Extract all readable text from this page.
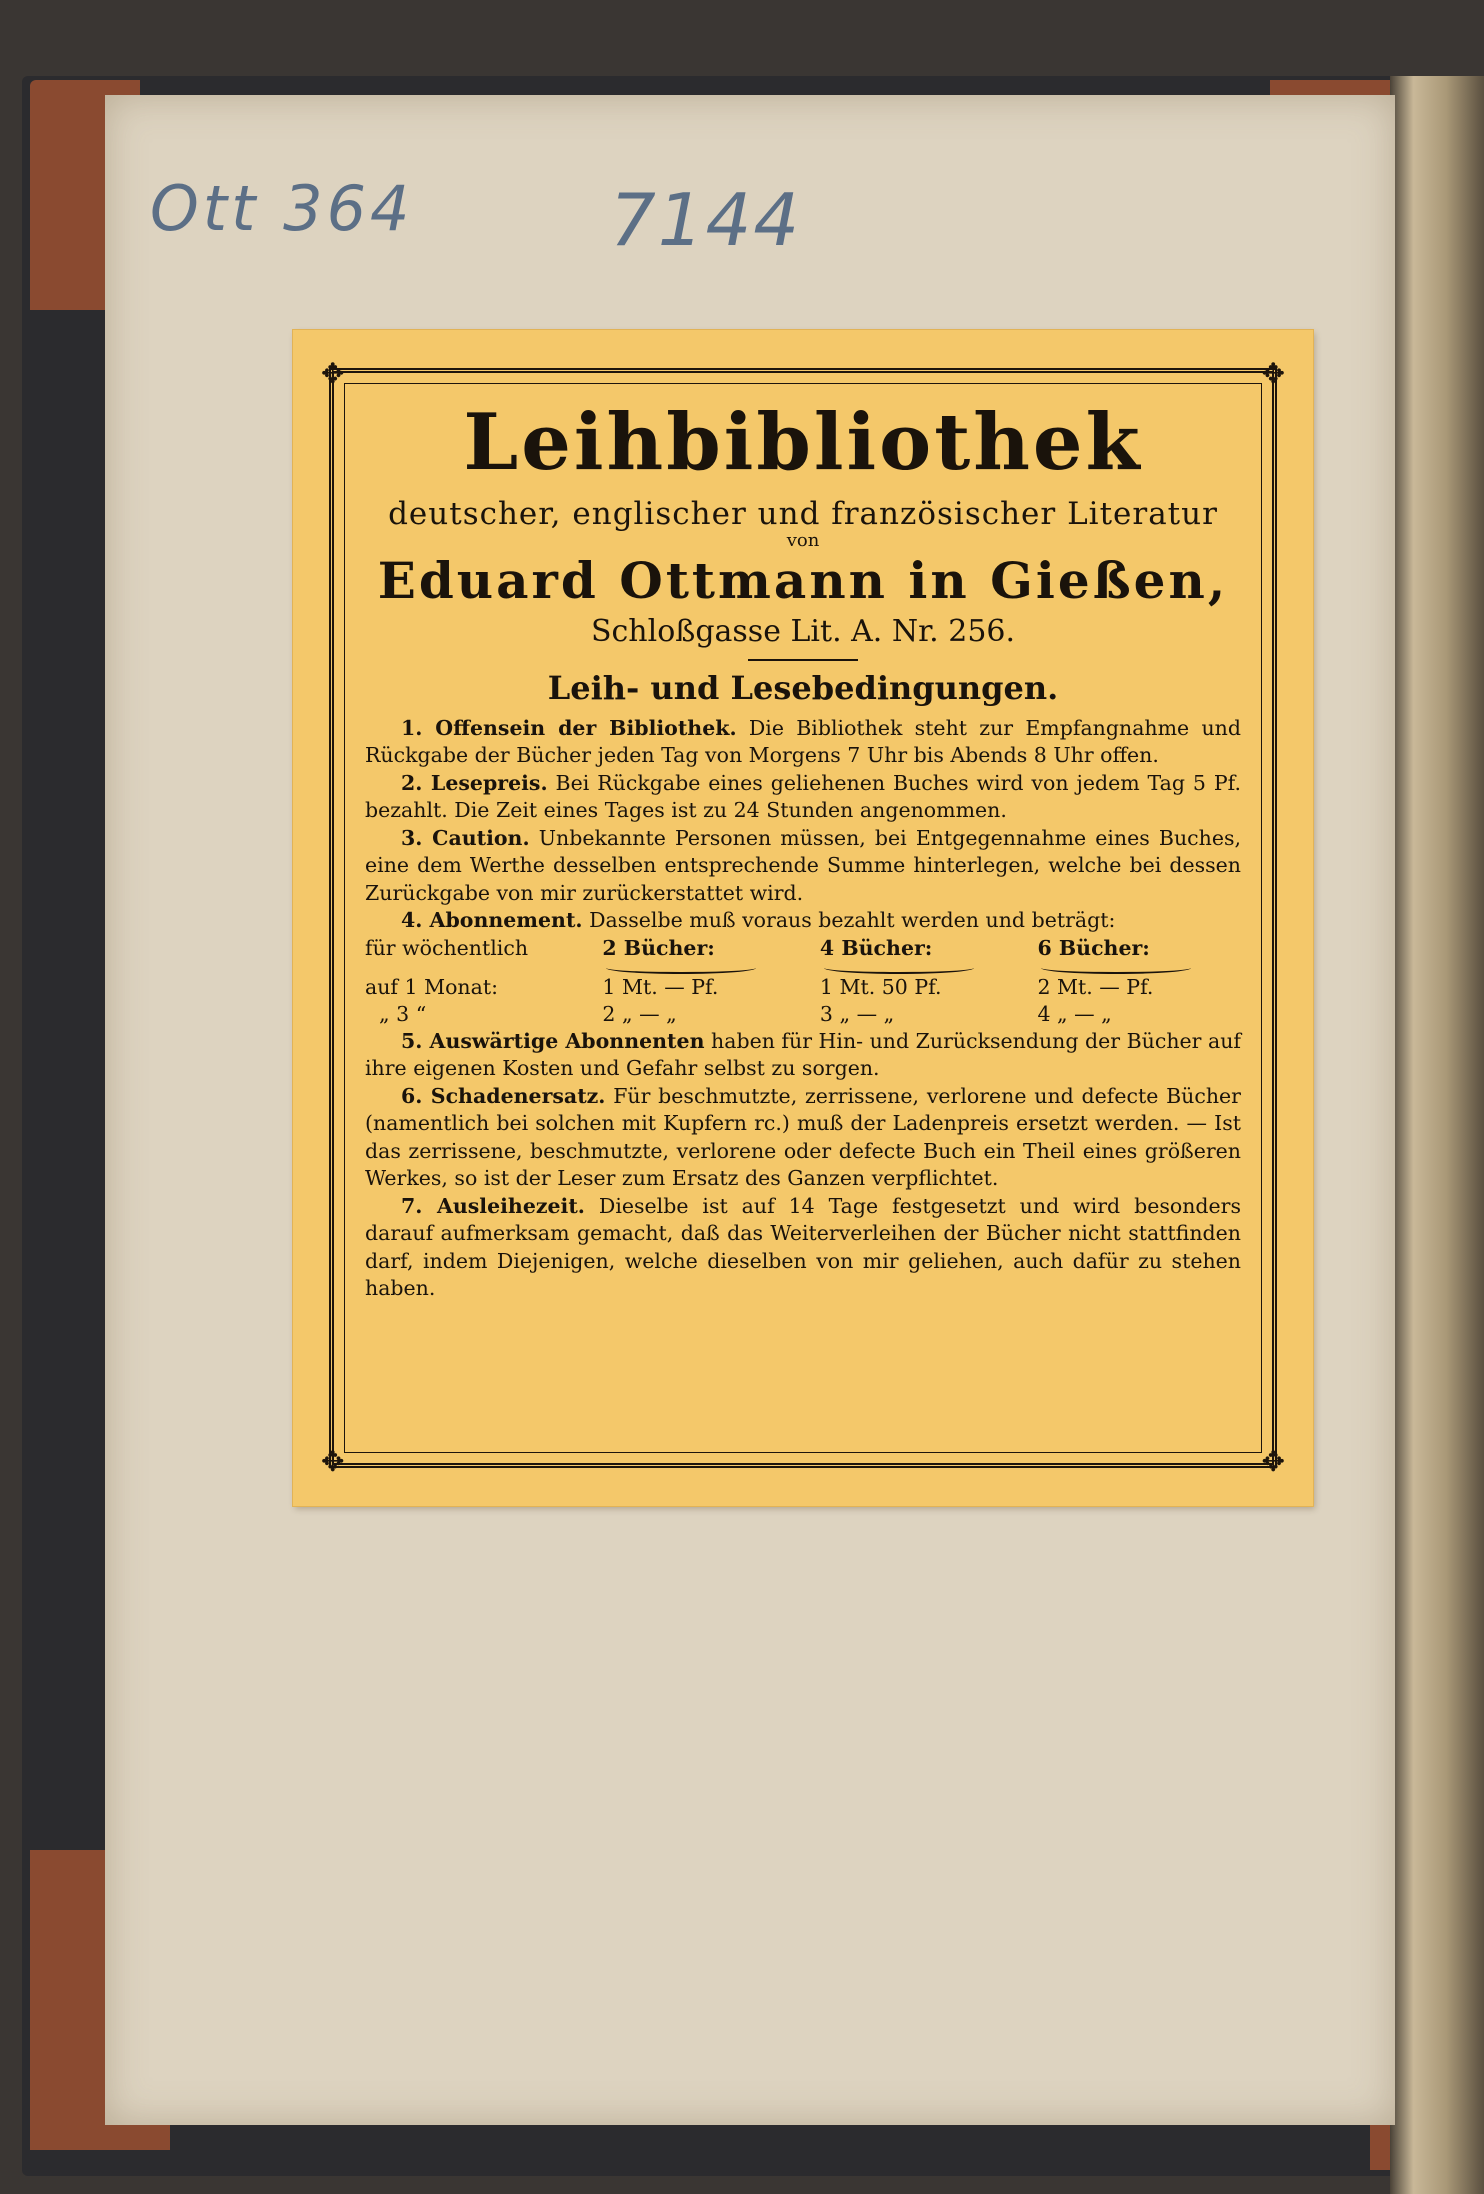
Ott 364	7144
✥	✥
✥	✥
Leihbibliothek
deutscher, englischer und französischer Literatur
von
Eduard Ottmann in Gießen,
Schloßgasse Lit. A. Nr. 256.
Leih- und Lesebedingungen.
1. Offensein der Bibliothek. Die Bibliothek steht zur Empfangnahme und Rückgabe der Bücher jeden Tag von Morgens 7 Uhr bis Abends 8 Uhr offen.
2. Lesepreis. Bei Rückgabe eines geliehenen Buches wird von jedem Tag 5 Pf. bezahlt. Die Zeit eines Tages ist zu 24 Stunden angenommen.
3. Caution. Unbekannte Personen müssen, bei Entgegennahme eines Buches, eine dem Werthe desselben entsprechende Summe hinterlegen, welche bei dessen Zurückgabe von mir zurückerstattet wird.
4. Abonnement. Dasselbe muß voraus bezahlt werden und beträgt:
für wöchentlich	2 Bücher:	4 Bücher:	6 Bücher:

auf 1 Monat:	1 Mt. — Pf.	1 Mt. 50 Pf.	2 Mt. — Pf.
„ 3 “	2 „ — „	3 „ — „	4 „ — „
5. Auswärtige Abonnenten haben für Hin- und Zurücksendung der Bücher auf ihre eigenen Kosten und Gefahr selbst zu sorgen.
6. Schadenersatz. Für beschmutzte, zerrissene, verlorene und defecte Bücher (namentlich bei solchen mit Kupfern rc.) muß der Ladenpreis ersetzt werden. — Ist das zerrissene, beschmutzte, verlorene oder defecte Buch ein Theil eines größeren Werkes, so ist der Leser zum Ersatz des Ganzen verpflichtet.
7. Ausleihezeit. Dieselbe ist auf 14 Tage festgesetzt und wird besonders darauf aufmerksam gemacht, daß das Weiterverleihen der Bücher nicht stattfinden darf, indem Diejenigen, welche dieselben von mir geliehen, auch dafür zu stehen haben.
